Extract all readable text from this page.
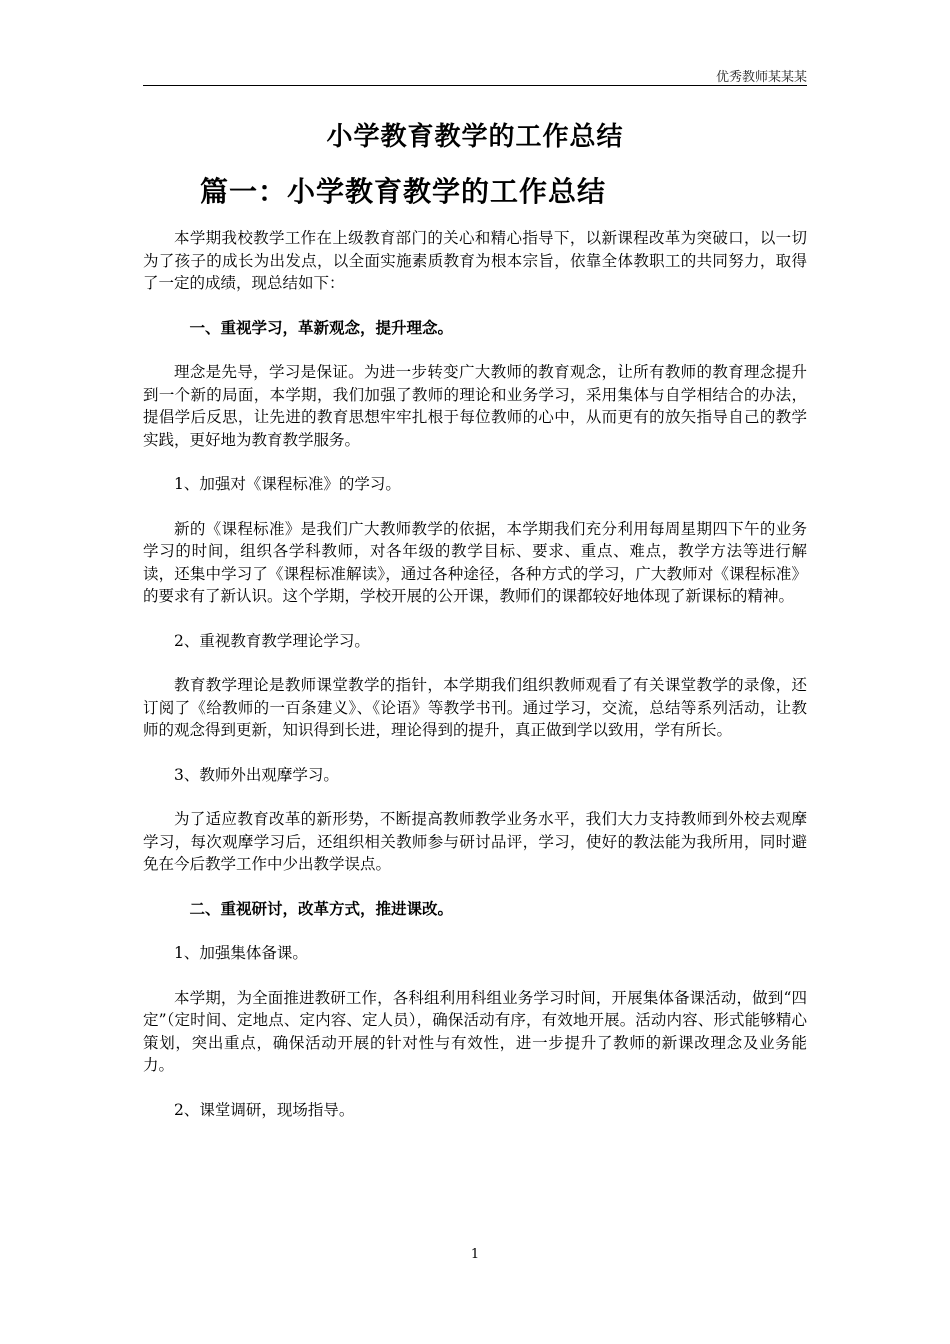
优秀教师某某某
小学教育教学的工作总结
篇一：小学教育教学的工作总结

本学期我校教学工作在上级教育部门的关心和精心指导下，以新课程改革为突破口，以一切为了孩子的成长为出发点，以全面实施素质教育为根本宗旨，依靠全体教职工的共同努力，取得了一定的成绩，现总结如下：

一、重视学习，革新观念，提升理念。

理念是先导，学习是保证。为进一步转变广大教师的教育观念，让所有教师的教育理念提升到一个新的局面，本学期，我们加强了教师的理论和业务学习，采用集体与自学相结合的办法，提倡学后反思，让先进的教育思想牢牢扎根于每位教师的心中，从而更有的放矢指导自己的教学实践，更好地为教育教学服务。

1、加强对《课程标准》的学习。

新的《课程标准》是我们广大教师教学的依据，本学期我们充分利用每周星期四下午的业务学习的时间，组织各学科教师，对各年级的教学目标、要求、重点、难点，教学方法等进行解读，还集中学习了《课程标准解读》，通过各种途径，各种方式的学习，广大教师对《课程标准》的要求有了新认识。这个学期，学校开展的公开课，教师们的课都较好地体现了新课标的精神。

2、重视教育教学理论学习。

教育教学理论是教师课堂教学的指针，本学期我们组织教师观看了有关课堂教学的录像，还订阅了《给教师的一百条建义》、《论语》等教学书刊。通过学习，交流，总结等系列活动，让教师的观念得到更新，知识得到长进，理论得到的提升，真正做到学以致用，学有所长。

3、教师外出观摩学习。

为了适应教育改革的新形势，不断提高教师教学业务水平，我们大力支持教师到外校去观摩学习，每次观摩学习后，还组织相关教师参与研讨品评，学习，使好的教法能为我所用，同时避免在今后教学工作中少出教学误点。

二、重视研讨，改革方式，推进课改。

1、加强集体备课。

本学期，为全面推进教研工作，各科组利用科组业务学习时间，开展集体备课活动，做到“四定”（定时间、定地点、定内容、定人员），确保活动有序，有效地开展。活动内容、形式能够精心策划，突出重点，确保活动开展的针对性与有效性，进一步提升了教师的新课改理念及业务能力。

2、课堂调研，现场指导。

1
